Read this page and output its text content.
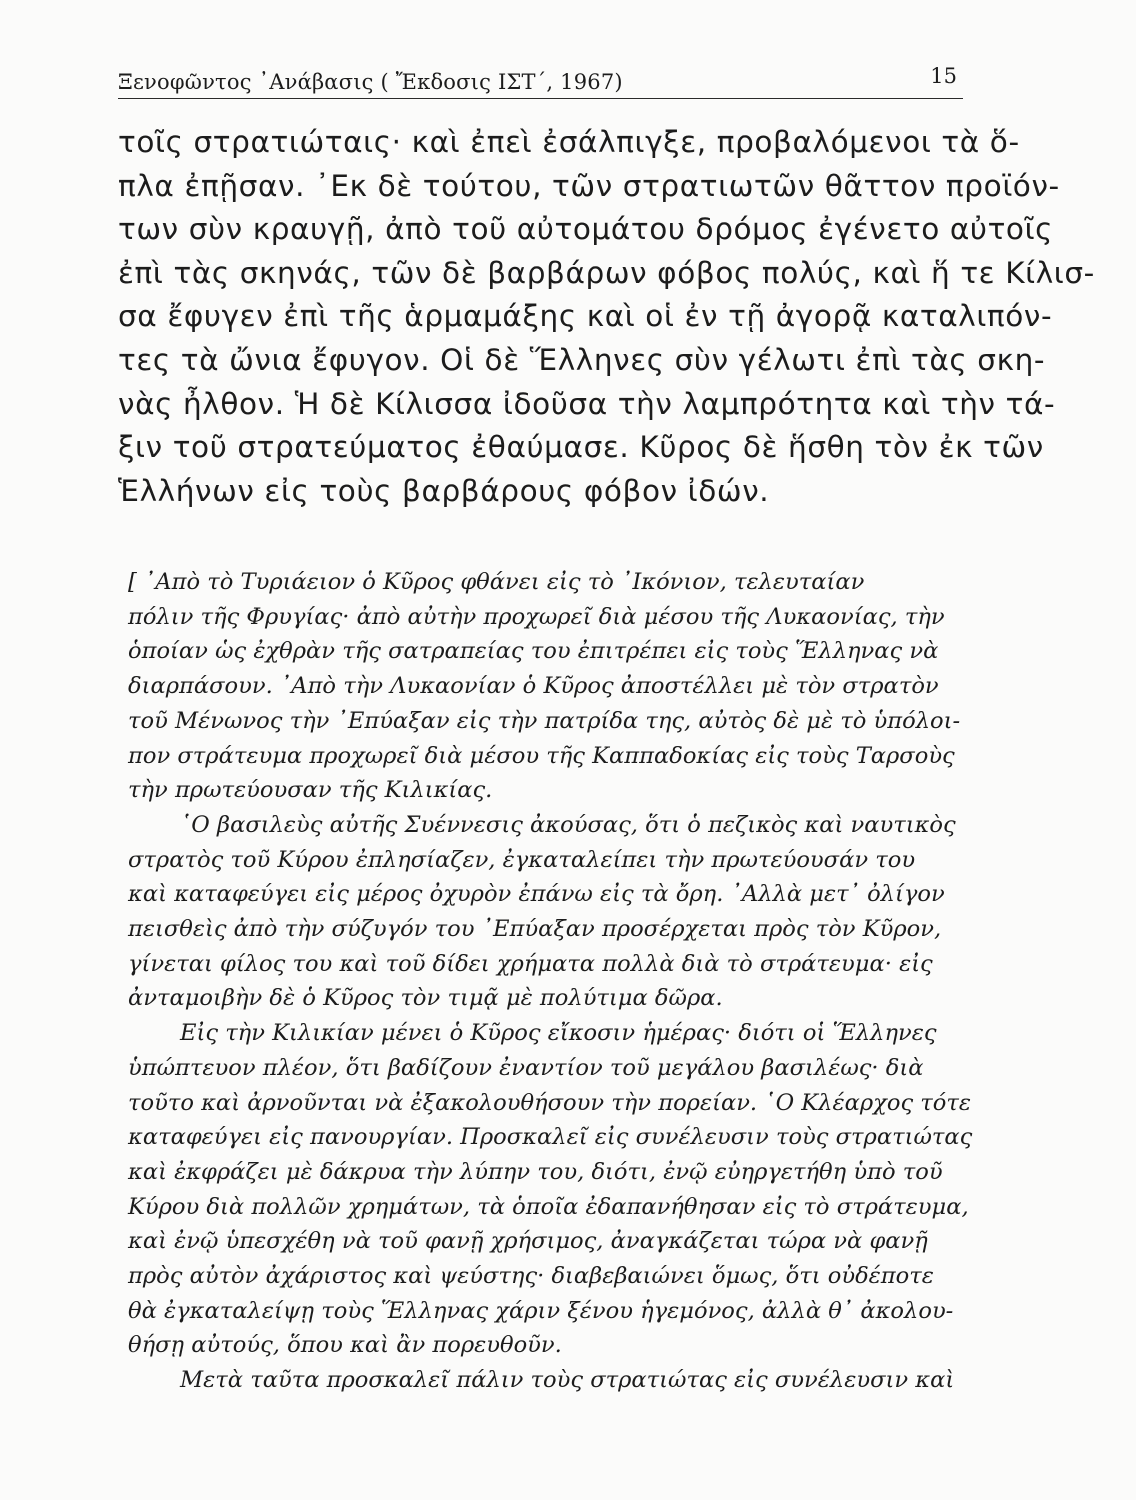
Ξενοφῶντος ᾿Ανάβασις ( Ἔκδοσις ΙΣΤ΄, 1967)	15
τοῖς στρατιώταις· καὶ ἐπεὶ ἐσάλπιγξε, προβαλόμενοι τὰ ὅ-
πλα ἐπῇσαν. ᾿Εκ δὲ τούτου, τῶν στρατιωτῶν θᾶττον προϊόν-
των σὺν κραυγῇ, ἀπὸ τοῦ αὐτομάτου δρόμος ἐγένετο αὐτοῖς
ἐπὶ τὰς σκηνάς, τῶν δὲ βαρβάρων φόβος πολύς, καὶ ἥ τε Κίλισ-
σα ἔφυγεν ἐπὶ τῆς ἁρμαμάξης καὶ οἱ ἐν τῇ ἀγορᾷ καταλιπόν-
τες τὰ ὤνια ἔφυγον. Οἱ δὲ Ἕλληνες σὺν γέλωτι ἐπὶ τὰς σκη-
νὰς ἦλθον. Ἡ δὲ Κίλισσα ἰδοῦσα τὴν λαμπρότητα καὶ τὴν τά-
ξιν τοῦ στρατεύματος ἐθαύμασε. Κῦρος δὲ ἥσθη τὸν ἐκ τῶν
Ἑλλήνων εἰς τοὺς βαρβάρους φόβον ἰδών.
[ ᾿Απὸ τὸ Τυριάειον ὁ Κῦρος φθάνει εἰς τὸ ᾿Ικόνιον, τελευταίαν
πόλιν τῆς Φρυγίας· ἀπὸ αὐτὴν προχωρεῖ διὰ μέσου τῆς Λυκαονίας, τὴν
ὁποίαν ὡς ἐχθρὰν τῆς σατραπείας του ἐπιτρέπει εἰς τοὺς Ἕλληνας νὰ
διαρπάσουν. ᾿Απὸ τὴν Λυκαονίαν ὁ Κῦρος ἀποστέλλει μὲ τὸν στρατὸν
τοῦ Μένωνος τὴν ᾿Επύαξαν εἰς τὴν πατρίδα της, αὐτὸς δὲ μὲ τὸ ὑπόλοι-
πον στράτευμα προχωρεῖ διὰ μέσου τῆς Καππαδοκίας εἰς τοὺς Ταρσοὺς
τὴν πρωτεύουσαν τῆς Κιλικίας.
῾Ο βασιλεὺς αὐτῆς Συέννεσις ἀκούσας, ὅτι ὁ πεζικὸς καὶ ναυτικὸς
στρατὸς τοῦ Κύρου ἐπλησίαζεν, ἐγκαταλείπει τὴν πρωτεύουσάν του
καὶ καταφεύγει εἰς μέρος ὀχυρὸν ἐπάνω εἰς τὰ ὄρη. ᾿Αλλὰ μετ᾿ ὀλίγον
πεισθεὶς ἀπὸ τὴν σύζυγόν του ᾿Επύαξαν προσέρχεται πρὸς τὸν Κῦρον,
γίνεται φίλος του καὶ τοῦ δίδει χρήματα πολλὰ διὰ τὸ στράτευμα· εἰς
ἀνταμοιβὴν δὲ ὁ Κῦρος τὸν τιμᾷ μὲ πολύτιμα δῶρα.
Εἰς τὴν Κιλικίαν μένει ὁ Κῦρος εἴκοσιν ἡμέρας· διότι οἱ Ἕλληνες
ὑπώπτευον πλέον, ὅτι βαδίζουν ἐναντίον τοῦ μεγάλου βασιλέως· διὰ
τοῦτο καὶ ἀρνοῦνται νὰ ἐξακολουθήσουν τὴν πορείαν. ῾Ο Κλέαρχος τότε
καταφεύγει εἰς πανουργίαν. Προσκαλεῖ εἰς συνέλευσιν τοὺς στρατιώτας
καὶ ἐκφράζει μὲ δάκρυα τὴν λύπην του, διότι, ἐνῷ εὐηργετήθη ὑπὸ τοῦ
Κύρου διὰ πολλῶν χρημάτων, τὰ ὁποῖα ἐδαπανήθησαν εἰς τὸ στράτευμα,
καὶ ἐνῷ ὑπεσχέθη νὰ τοῦ φανῇ χρήσιμος, ἀναγκάζεται τώρα νὰ φανῇ
πρὸς αὐτὸν ἀχάριστος καὶ ψεύστης· διαβεβαιώνει ὅμως, ὅτι οὐδέποτε
θὰ ἐγκαταλείψῃ τοὺς Ἕλληνας χάριν ξένου ἡγεμόνος, ἀλλὰ θ᾿ ἀκολου-
θήσῃ αὐτούς, ὅπου καὶ ἂν πορευθοῦν.
Μετὰ ταῦτα προσκαλεῖ πάλιν τοὺς στρατιώτας εἰς συνέλευσιν καὶ
